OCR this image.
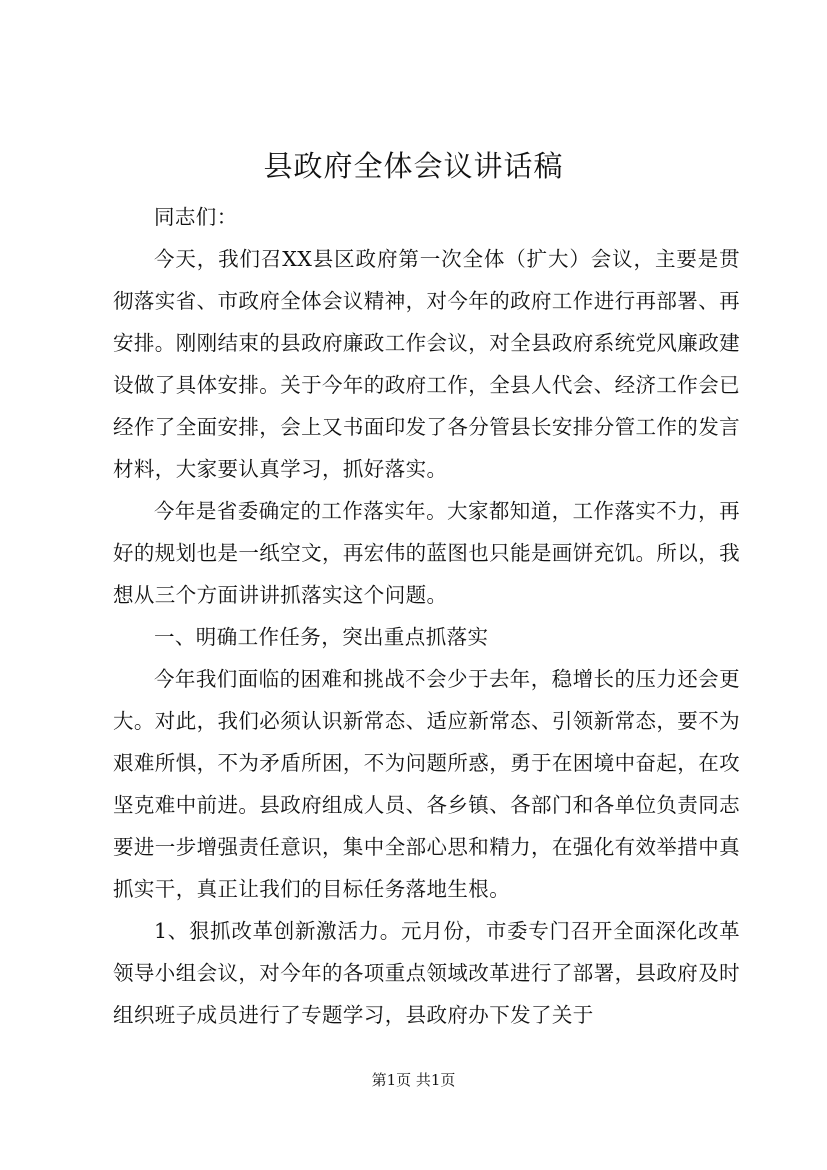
县政府全体会议讲话稿

同志们：

今天，我们召XX县区政府第一次全体（扩大）会议，主要是贯彻落实省、市政府全体会议精神，对今年的政府工作进行再部署、再安排。刚刚结束的县政府廉政工作会议，对全县政府系统党风廉政建设做了具体安排。关于今年的政府工作，全县人代会、经济工作会已经作了全面安排，会上又书面印发了各分管县长安排分管工作的发言材料，大家要认真学习，抓好落实。

今年是省委确定的工作落实年。大家都知道，工作落实不力，再好的规划也是一纸空文，再宏伟的蓝图也只能是画饼充饥。所以，我想从三个方面讲讲抓落实这个问题。

一、明确工作任务，突出重点抓落实

今年我们面临的困难和挑战不会少于去年，稳增长的压力还会更大。对此，我们必须认识新常态、适应新常态、引领新常态，要不为艰难所惧，不为矛盾所困，不为问题所惑，勇于在困境中奋起，在攻坚克难中前进。县政府组成人员、各乡镇、各部门和各单位负责同志要进一步增强责任意识，集中全部心思和精力，在强化有效举措中真抓实干，真正让我们的目标任务落地生根。

1、狠抓改革创新激活力。元月份，市委专门召开全面深化改革领导小组会议，对今年的各项重点领域改革进行了部署，县政府及时组织班子成员进行了专题学习，县政府办下发了关于

第1页 共1页
